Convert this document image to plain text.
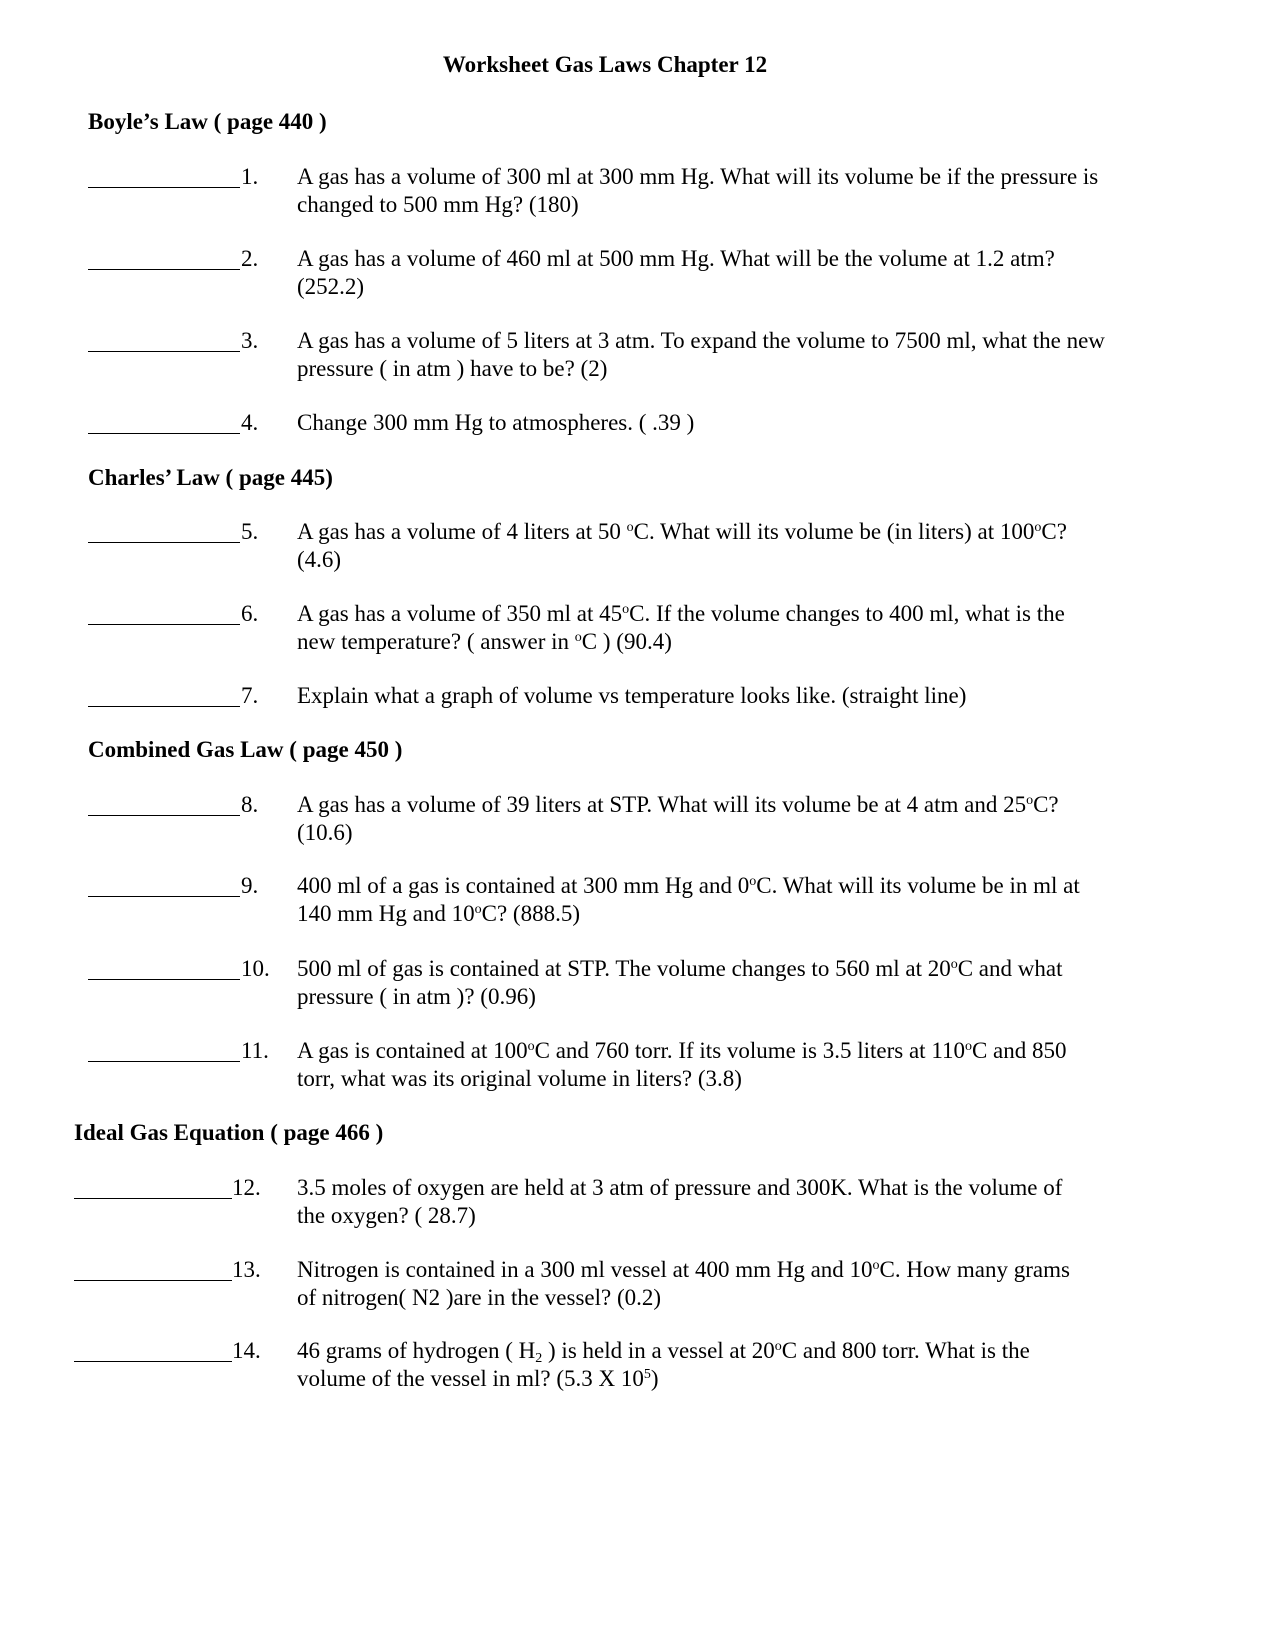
Worksheet Gas Laws Chapter 12
Boyle’s Law ( page 440 )
1. A gas has a volume of 300 ml at 300 mm Hg. What will its volume be if the pressure is changed to 500 mm Hg? (180)
2. A gas has a volume of 460 ml at 500 mm Hg. What will be the volume at 1.2 atm? (252.2)
3. A gas has a volume of 5 liters at 3 atm. To expand the volume to 7500 ml, what the new pressure ( in atm ) have to be? (2)
4. Change 300 mm Hg to atmospheres. ( .39 )
Charles’ Law ( page 445)
5. A gas has a volume of 4 liters at 50 $^o$C. What will its volume be (in liters) at 100$^o$C? (4.6)
6. A gas has a volume of 350 ml at 45$^o$C. If the volume changes to 400 ml, what is the new temperature? ( answer in $^o$C ) (90.4)
7. Explain what a graph of volume vs temperature looks like. (straight line)
Combined Gas Law ( page 450 )
8. A gas has a volume of 39 liters at STP. What will its volume be at 4 atm and 25$^o$C? (10.6)
9. 400 ml of a gas is contained at 300 mm Hg and 0$^o$C. What will its volume be in ml at 140 mm Hg and 10$^o$C? (888.5)
10. 500 ml of gas is contained at STP. The volume changes to 560 ml at 20$^o$C and what pressure ( in atm )? (0.96)
11. A gas is contained at 100$^o$C and 760 torr. If its volume is 3.5 liters at 110$^o$C and 850 torr, what was its original volume in liters? (3.8)
Ideal Gas Equation ( page 466 )
12. 3.5 moles of oxygen are held at 3 atm of pressure and 300K. What is the volume of the oxygen? ( 28.7)
13. Nitrogen is contained in a 300 ml vessel at 400 mm Hg and 10$^o$C. How many grams of nitrogen( N2 )are in the vessel? (0.2)
14. 46 grams of hydrogen ( $H_2$ ) is held in a vessel at 20$^o$C and 800 torr. What is the volume of the vessel in ml? (5.3 X $10^5$)
